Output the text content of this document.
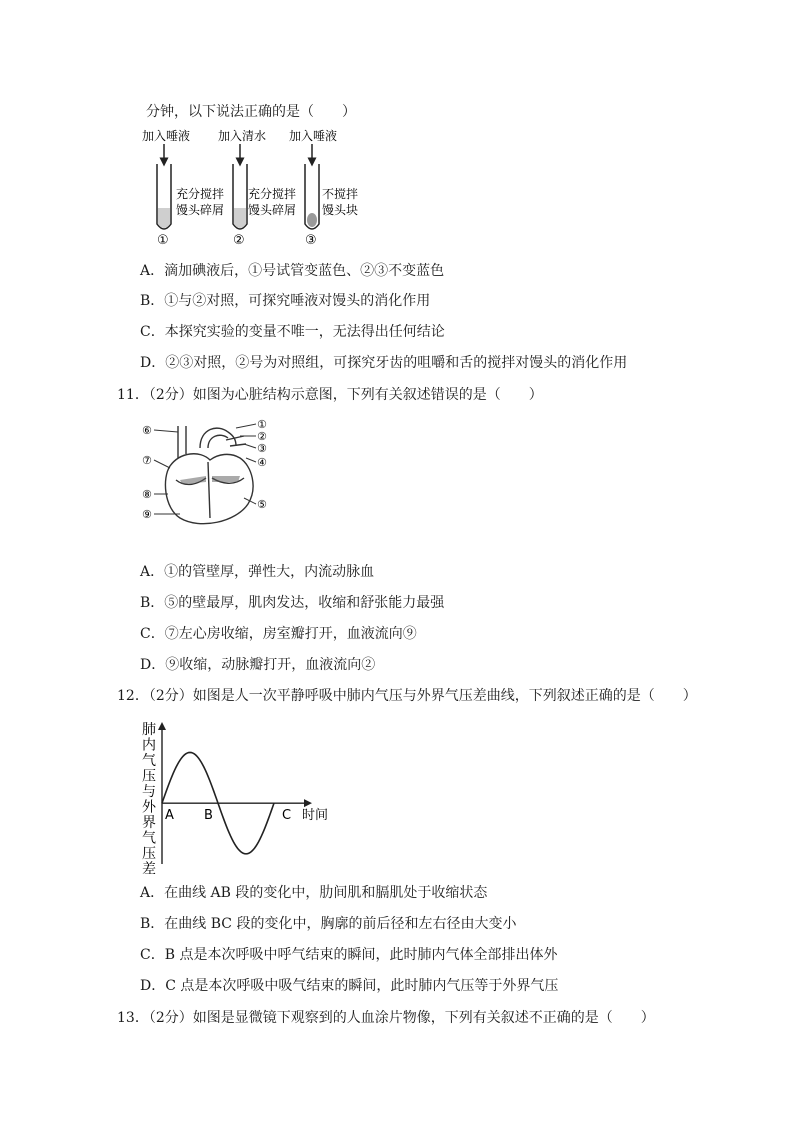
分钟，以下说法正确的是（　　）
加入唾液
充分搅拌
馒头碎屑
①
加入清水
充分搅拌
馒头碎屑
②
加入唾液
不搅拌
馒头块
③
A．滴加碘液后，①号试管变蓝色、②③不变蓝色
B．①与②对照，可探究唾液对馒头的消化作用
C．本探究实验的变量不唯一，无法得出任何结论
D．②③对照，②号为对照组，可探究牙齿的咀嚼和舌的搅拌对馒头的消化作用
11．（2分）如图为心脏结构示意图，下列有关叙述错误的是（　　）
①
②
③
④
⑤
⑥
⑦
⑧
⑨
A．①的管壁厚，弹性大，内流动脉血
B．⑤的壁最厚，肌肉发达，收缩和舒张能力最强
C．⑦左心房收缩，房室瓣打开，血液流向⑨
D．⑨收缩，动脉瓣打开，血液流向②
12．（2分）如图是人一次平静呼吸中肺内气压与外界气压差曲线，下列叙述正确的是（　　）
肺
内
气
压
与
外
界
气
压
差
时间
A B	C
A．在曲线 AB 段的变化中，肋间肌和膈肌处于收缩状态
B．在曲线 BC 段的变化中，胸廓的前后径和左右径由大变小
C．B 点是本次呼吸中呼气结束的瞬间，此时肺内气体全部排出体外
D．C 点是本次呼吸中吸气结束的瞬间，此时肺内气压等于外界气压
13．（2分）如图是显微镜下观察到的人血涂片物像，下列有关叙述不正确的是（　　）
